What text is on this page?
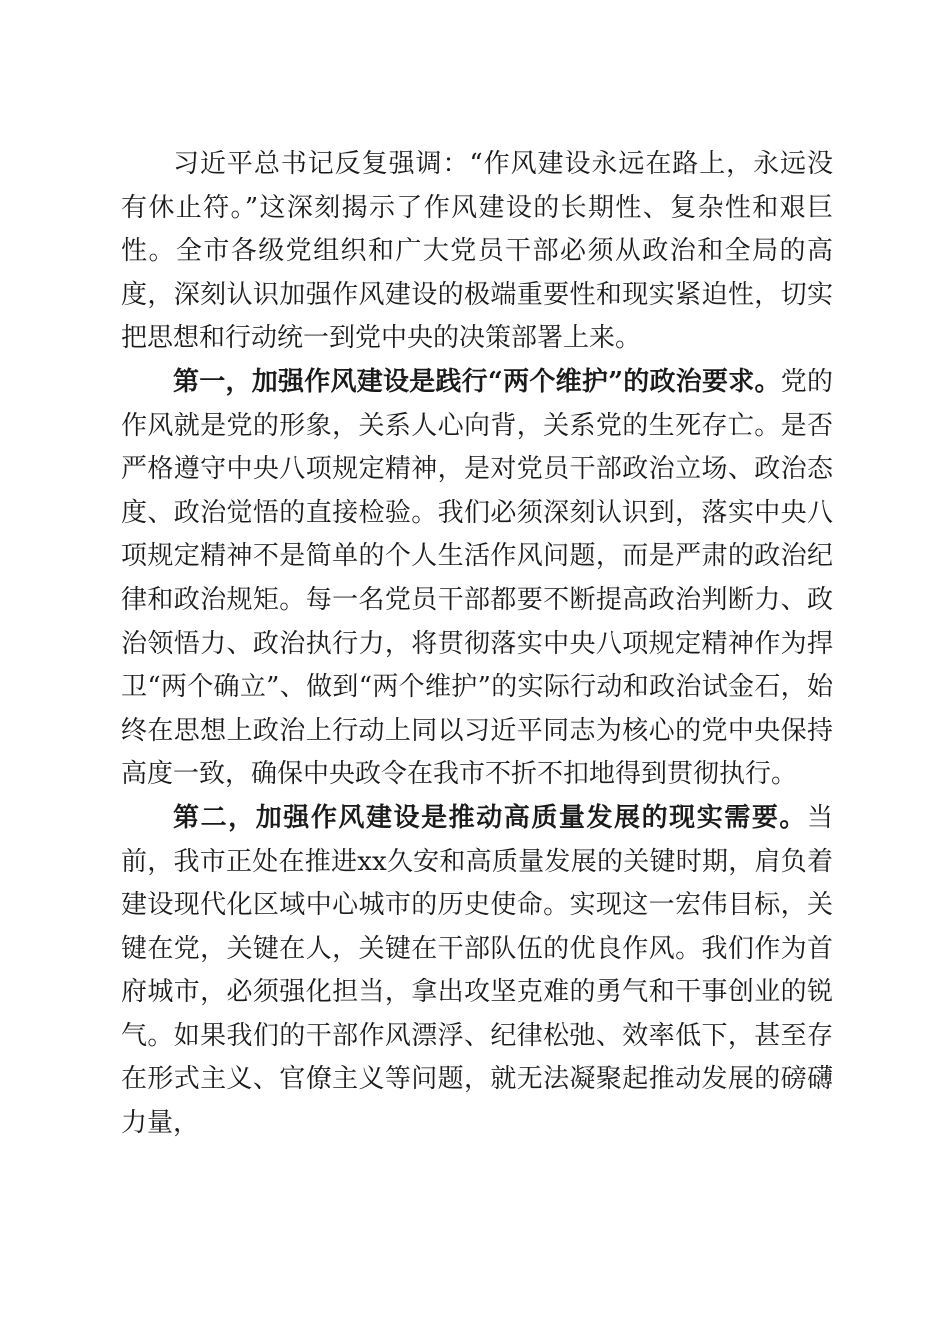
习近平总书记反复强调：“作风建设永远在路上，永远没有休止符。”这深刻揭示了作风建设的长期性、复杂性和艰巨性。全市各级党组织和广大党员干部必须从政治和全局的高度，深刻认识加强作风建设的极端重要性和现实紧迫性，切实把思想和行动统一到党中央的决策部署上来。

第一，加强作风建设是践行“两个维护”的政治要求。党的作风就是党的形象，关系人心向背，关系党的生死存亡。是否严格遵守中央八项规定精神，是对党员干部政治立场、政治态度、政治觉悟的直接检验。我们必须深刻认识到，落实中央八项规定精神不是简单的个人生活作风问题，而是严肃的政治纪律和政治规矩。每一名党员干部都要不断提高政治判断力、政治领悟力、政治执行力，将贯彻落实中央八项规定精神作为捍卫“两个确立”、做到“两个维护”的实际行动和政治试金石，始终在思想上政治上行动上同以习近平同志为核心的党中央保持高度一致，确保中央政令在我市不折不扣地得到贯彻执行。

第二，加强作风建设是推动高质量发展的现实需要。当前，我市正处在推进xx久安和高质量发展的关键时期，肩负着建设现代化区域中心城市的历史使命。实现这一宏伟目标，关键在党，关键在人，关键在干部队伍的优良作风。我们作为首府城市，必须强化担当，拿出攻坚克难的勇气和干事创业的锐气。如果我们的干部作风漂浮、纪律松弛、效率低下，甚至存在形式主义、官僚主义等问题，就无法凝聚起推动发展的磅礴力量，
